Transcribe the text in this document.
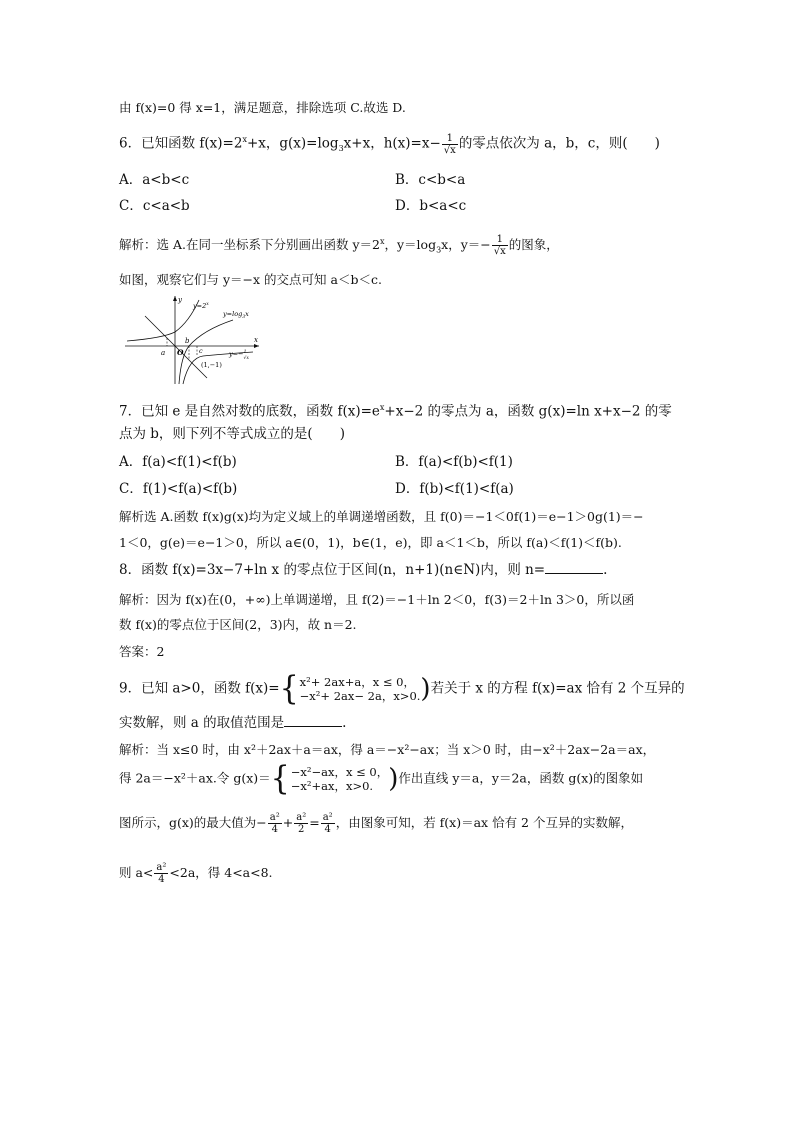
由 f(x)=0 得 x=1，满足题意，排除选项 C.故选 D.
6．已知函数 $f(x)=2^x+x$，$g(x)=\log_3x+x$，$h(x)=x- \frac{1}{√x}$ 的零点依次为 a，b，c，则(　　)
A．a<b<c	B．c<b<a
C．c<a<b	D．b<a<c
解析：选 A.在同一坐标系下分别画出函数 $y=2^x$，$y=\log_3x$，$y=- \frac{1}{√x}$ 的图象，
如图，观察它们与 y＝−x 的交点可知 a＜b＜c.
y
x
$y=2^x$
$y=\log_3x$
y=−$^1$ √x
a
b
c
O
(1,−1)
7．已知 e 是自然对数的底数，函数 $f(x)=e^x+x-2$ 的零点为 a，函数 g(x)=ln x+x−2 的零
点为 b，则下列不等式成立的是(　　)
A．f(a)<f(1)<f(b)	B．f(a)<f(b)<f(1)
C．f(1)<f(a)<f(b)	D．f(b)<f(1)<f(a)
解析选 A.函数 f(x)g(x)均为定义域上的单调递增函数，且 f(0)＝−1＜0f(1)＝e−1＞0g(1)＝−
1＜0，g(e)＝e−1＞0，所以 a∈(0，1)，b∈(1，e)，即 a＜1＜b，所以 f(a)＜f(1)＜f(b).
8．函数 f(x)=3x−7+ln x 的零点位于区间(n，n+1)(n∈N)内，则 n=	.
解析：因为 f(x)在(0，+∞)上单调递增，且 f(2)＝−1＋ln 2＜0，f(3)＝2＋ln 3＞0，所以函
数 f(x)的零点位于区间(2，3)内，故 n＝2.
答案：2
9．已知 a>0，函数 f(x)={ x²+ 2ax+a，x ≤ 0，
−x²+ 2ax− 2a，x>0. )若关于 x 的方程 f(x)=ax 恰有 2 个互异的
实数解，则 a 的取值范围是	.
解析：当 x≤0 时，由 x²＋2ax＋a＝ax，得 a＝−x²−ax；当 x＞0 时，由−x²＋2ax−2a＝ax，
得 2a＝−x²＋ax.令 g(x)＝{ −x²−ax，x ≤ 0，
−x²+ax，x>0. )作出直线 y＝a，y＝2a，函数 g(x)的图象如
图所示，g(x)的最大值为− $\frac{\text{a²}}{4} + \frac{\text{a²}}{2} = \frac{\text{a²}}{4}$ ，由图象可知，若 f(x)＝ax 恰有 2 个互异的实数解，
则 $a< \frac{\text{a²}}{4} <2a$，得 4<a<8.
